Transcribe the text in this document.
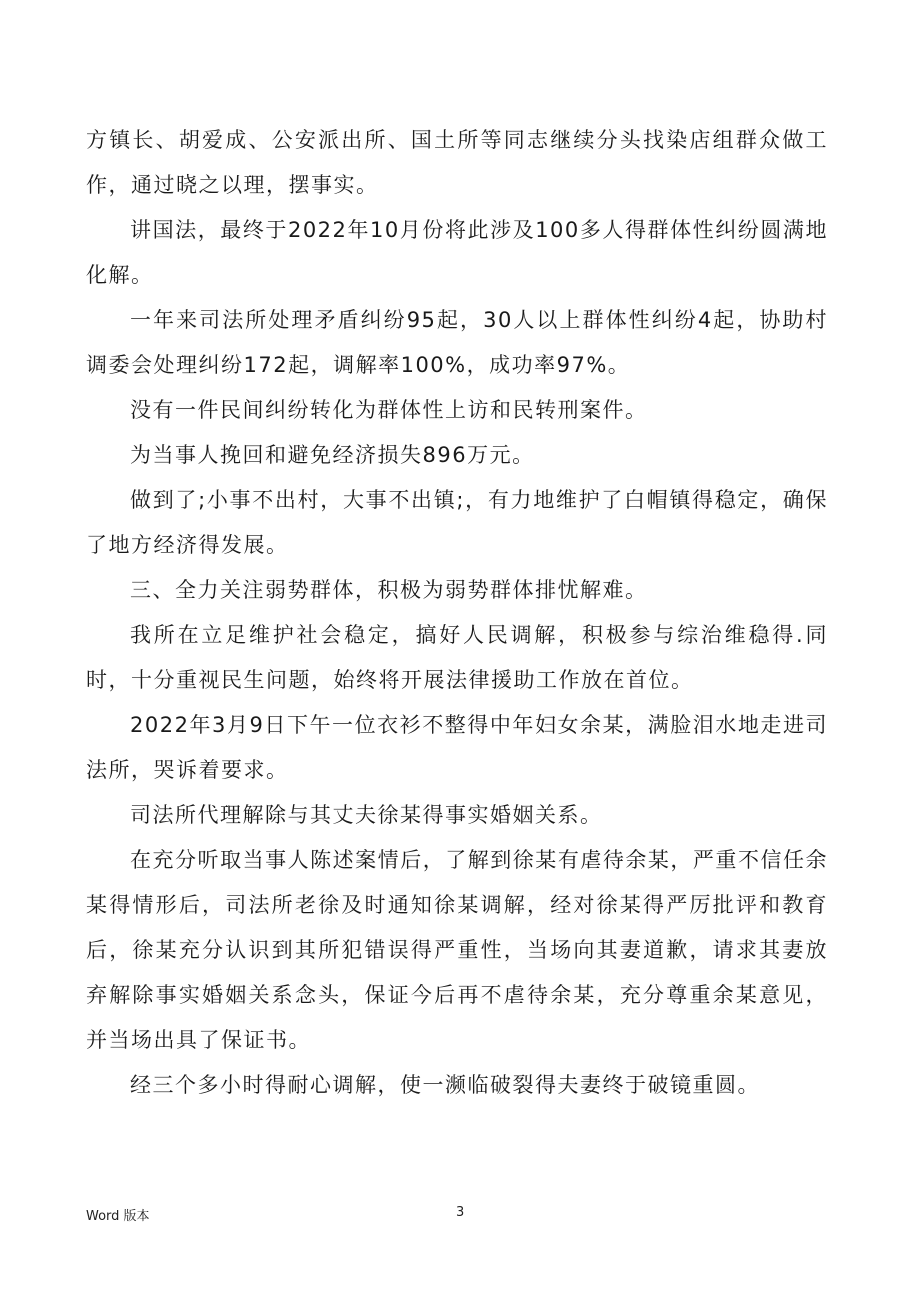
方镇长、胡爱成、公安派出所、国土所等同志继续分头找染店组群众做工作，通过晓之以理，摆事实。

讲国法，最终于2022年10月份将此涉及100多人得群体性纠纷圆满地化解。

一年来司法所处理矛盾纠纷95起，30人以上群体性纠纷4起，协助村调委会处理纠纷172起，调解率100%，成功率97%。

没有一件民间纠纷转化为群体性上访和民转刑案件。

为当事人挽回和避免经济损失896万元。

做到了;小事不出村，大事不出镇;，有力地维护了白帽镇得稳定，确保了地方经济得发展。

三、全力关注弱势群体，积极为弱势群体排忧解难。

我所在立足维护社会稳定，搞好人民调解，积极参与综治维稳得.同时，十分重视民生问题，始终将开展法律援助工作放在首位。

2022年3月9日下午一位衣衫不整得中年妇女余某，满脸泪水地走进司法所，哭诉着要求。

司法所代理解除与其丈夫徐某得事实婚姻关系。

在充分听取当事人陈述案情后，了解到徐某有虐待余某，严重不信任余某得情形后，司法所老徐及时通知徐某调解，经对徐某得严厉批评和教育后，徐某充分认识到其所犯错误得严重性，当场向其妻道歉，请求其妻放弃解除事实婚姻关系念头，保证今后再不虐待余某，充分尊重余某意见，并当场出具了保证书。

经三个多小时得耐心调解，使一濒临破裂得夫妻终于破镜重圆。

Word 版本	3
